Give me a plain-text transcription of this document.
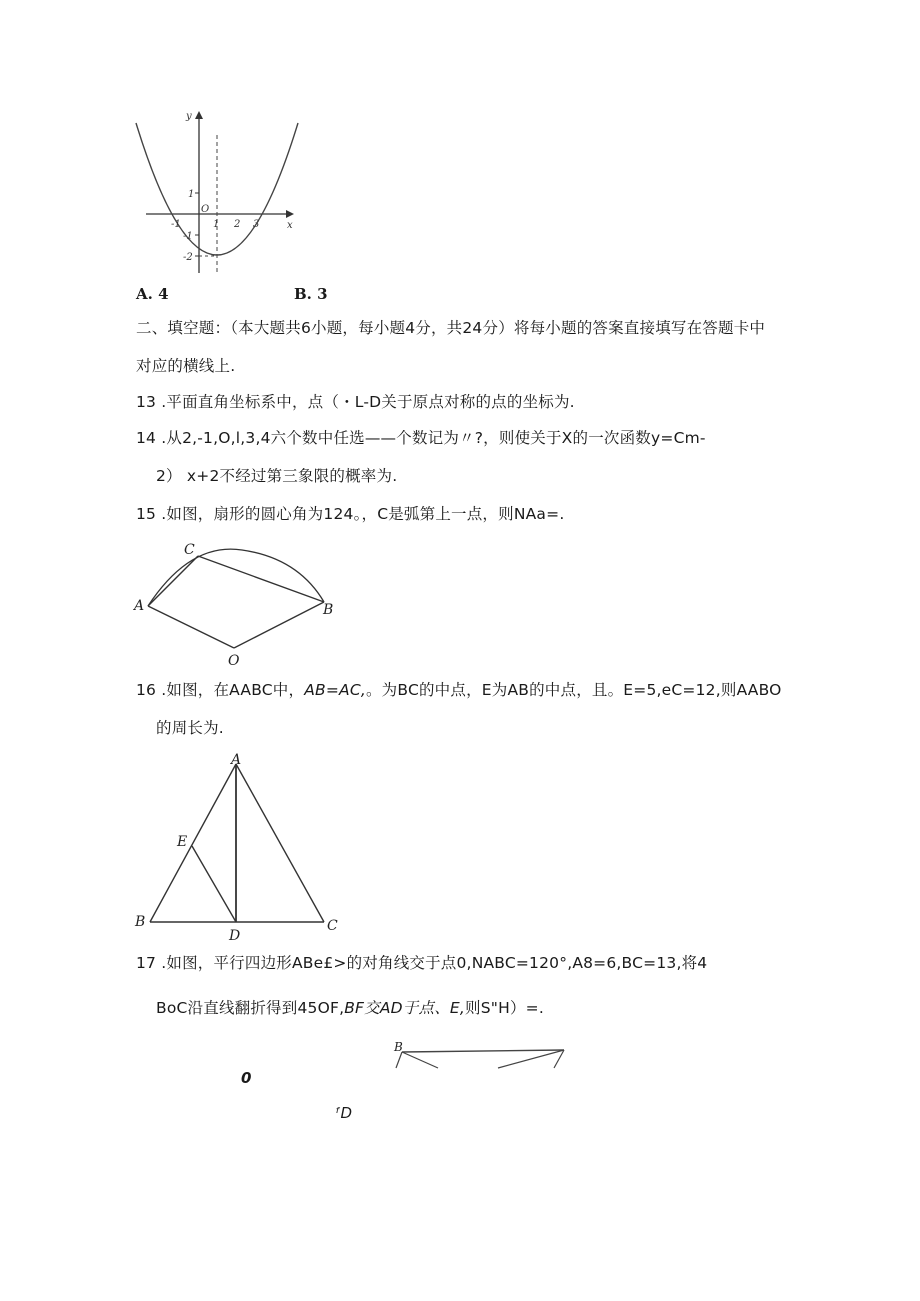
y
x
O
-1	1 2 3
1
-1
-2
A. 4	B. 3
二、填空题：（本大题共6小题，每小题4分，共24分）将每小题的答案直接填写在答题卡中
对应的横线上.
13 .平面直角坐标系中，点（・L-D关于原点对称的点的坐标为.
14 .从2,-1,O,l,3,4六个数中任选——个数记为〃?，则使关于X的一次函数y=Cm-
2） x+2不经过第三象限的概率为.
15 .如图，扇形的圆心角为124。，C是弧第上一点，则NAa=.
A	B
C
O
16 .如图，在AABC中，AB=AC,。为BC的中点，E为AB的中点，且。E=5,eC=12,则AABO
的周长为.
A
E
B
D
C
17 .如图，平行四边形ABe£>的对角线交于点0,NABC=120°,A8=6,BC=13,将4
BoC沿直线翻折得到45OF,BF交AD于点、E,则S"H）=.
0
ᶠD
B
